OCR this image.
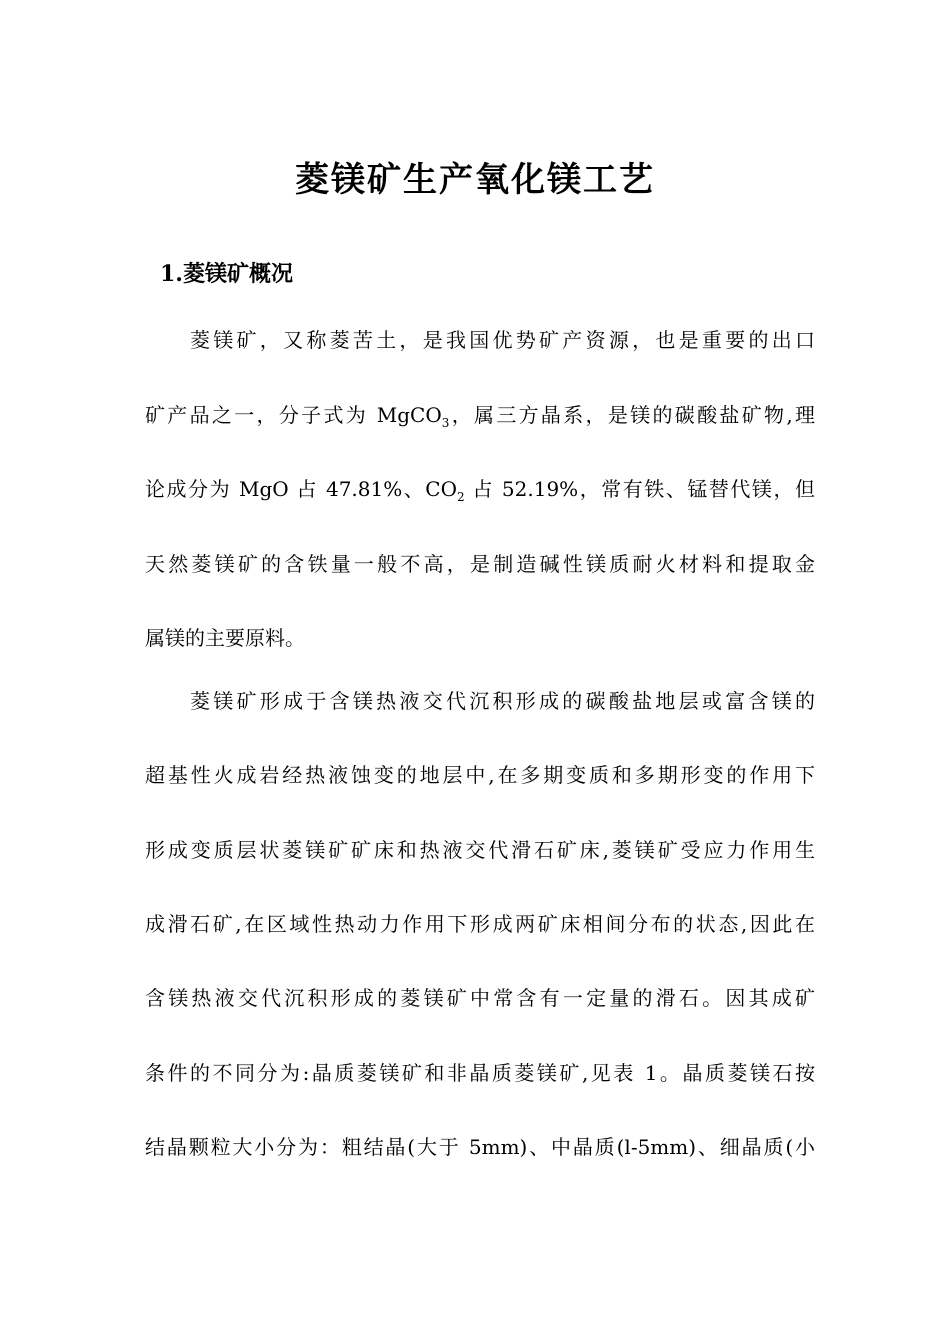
菱镁矿生产氧化镁工艺
1.菱镁矿概况
菱镁矿，又称菱苦土，是我国优势矿产资源，也是重要的出口
矿产品之一，分子式为 MgCO$_3$，属三方晶系，是镁的碳酸盐矿物,理
论成分为 MgO 占 47.81%、$CO_2$ 占 52.19%，常有铁、锰替代镁，但
天然菱镁矿的含铁量一般不高，是制造碱性镁质耐火材料和提取金
属镁的主要原料。
菱镁矿形成于含镁热液交代沉积形成的碳酸盐地层或富含镁的
超基性火成岩经热液蚀变的地层中,在多期变质和多期形变的作用下
形成变质层状菱镁矿矿床和热液交代滑石矿床,菱镁矿受应力作用生
成滑石矿,在区域性热动力作用下形成两矿床相间分布的状态,因此在
含镁热液交代沉积形成的菱镁矿中常含有一定量的滑石。因其成矿
条件的不同分为:晶质菱镁矿和非晶质菱镁矿,见表 1。晶质菱镁石按
结晶颗粒大小分为：粗结晶(大于 5mm)、中晶质(l-5mm)、细晶质(小
